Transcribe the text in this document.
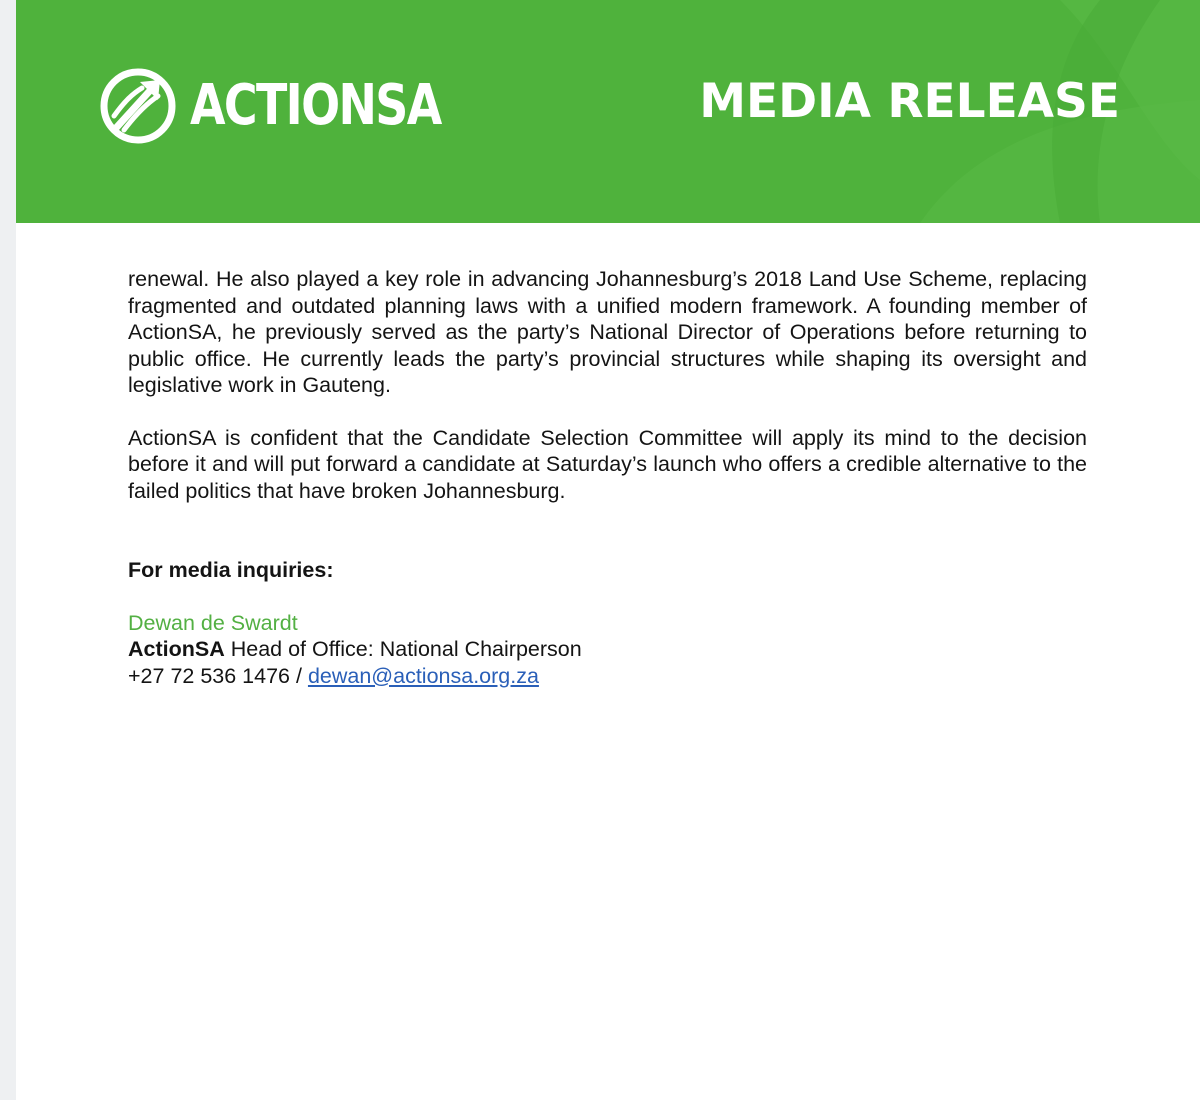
ACTIONSA	MEDIA RELEASE

renewal. He also played a key role in advancing Johannesburg’s 2018 Land Use Scheme, replacing fragmented and outdated planning laws with a unified modern framework. A founding member of ActionSA, he previously served as the party’s National Director of Operations before returning to public office. He currently leads the party’s provincial structures while shaping its oversight and legislative work in Gauteng.

ActionSA is confident that the Candidate Selection Committee will apply its mind to the decision before it and will put forward a candidate at Saturday’s launch who offers a credible alternative to the failed politics that have broken Johannesburg.

For media inquiries:

Dewan de Swardt
ActionSA Head of Office: National Chairperson
+27 72 536 1476 / dewan@actionsa.org.za
